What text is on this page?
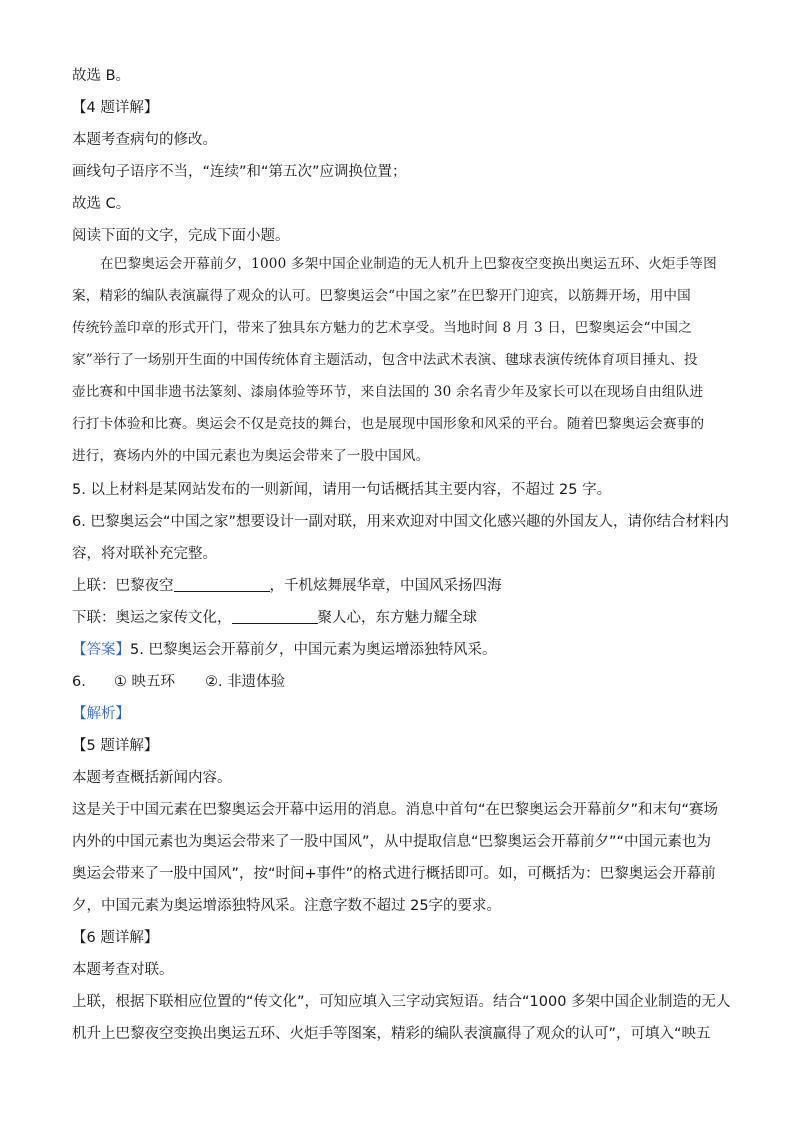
故选 B。
【4 题详解】
本题考查病句的修改。
画线句子语序不当，“连续”和“第五次”应调换位置；
故选 C。
阅读下面的文字，完成下面小题。
在巴黎奥运会开幕前夕，1000 多架中国企业制造的无人机升上巴黎夜空变换出奥运五环、火炬手等图
案，精彩的编队表演赢得了观众的认可。巴黎奥运会“中国之家”在巴黎开门迎宾，以筋舞开场，用中国
传统钤盖印章的形式开门，带来了独具东方魅力的艺术享受。当地时间 8 月 3 日，巴黎奥运会“中国之
家”举行了一场别开生面的中国传统体育主题活动，包含中法武术表演、毽球表演传统体育项目捶丸、投
壶比赛和中国非遗书法篆刻、漆扇体验等环节，来自法国的 30 余名青少年及家长可以在现场自由组队进
行打卡体验和比赛。奥运会不仅是竞技的舞台，也是展现中国形象和风采的平台。随着巴黎奥运会赛事的
进行，赛场内外的中国元素也为奥运会带来了一股中国风。
5. 以上材料是某网站发布的一则新闻，请用一句话概括其主要内容，不超过 25 字。
6. 巴黎奥运会“中国之家”想要设计一副对联，用来欢迎对中国文化感兴趣的外国友人，请你结合材料内
容，将对联补充完整。
上联：巴黎夜空	，千机炫舞展华章，中国风采扬四海
下联：奥运之家传文化，	聚人心，东方魅力耀全球
【答案】5. 巴黎奥运会开幕前夕，中国元素为奥运增添独特风采。
6. ① 映五环 ②. 非遗体验
【解析】
【5 题详解】
本题考查概括新闻内容。
这是关于中国元素在巴黎奥运会开幕中运用的消息。消息中首句“在巴黎奥运会开幕前夕”和末句“赛场
内外的中国元素也为奥运会带来了一股中国风”，从中提取信息“巴黎奥运会开幕前夕”“中国元素也为
奥运会带来了一股中国风”，按“时间+事件”的格式进行概括即可。如，可概括为：巴黎奥运会开幕前
夕，中国元素为奥运增添独特风采。注意字数不超过 25字的要求。
【6 题详解】
本题考查对联。
上联，根据下联相应位置的“传文化”，可知应填入三字动宾短语。结合“1000 多架中国企业制造的无人
机升上巴黎夜空变换出奥运五环、火炬手等图案，精彩的编队表演赢得了观众的认可”，可填入“映五
